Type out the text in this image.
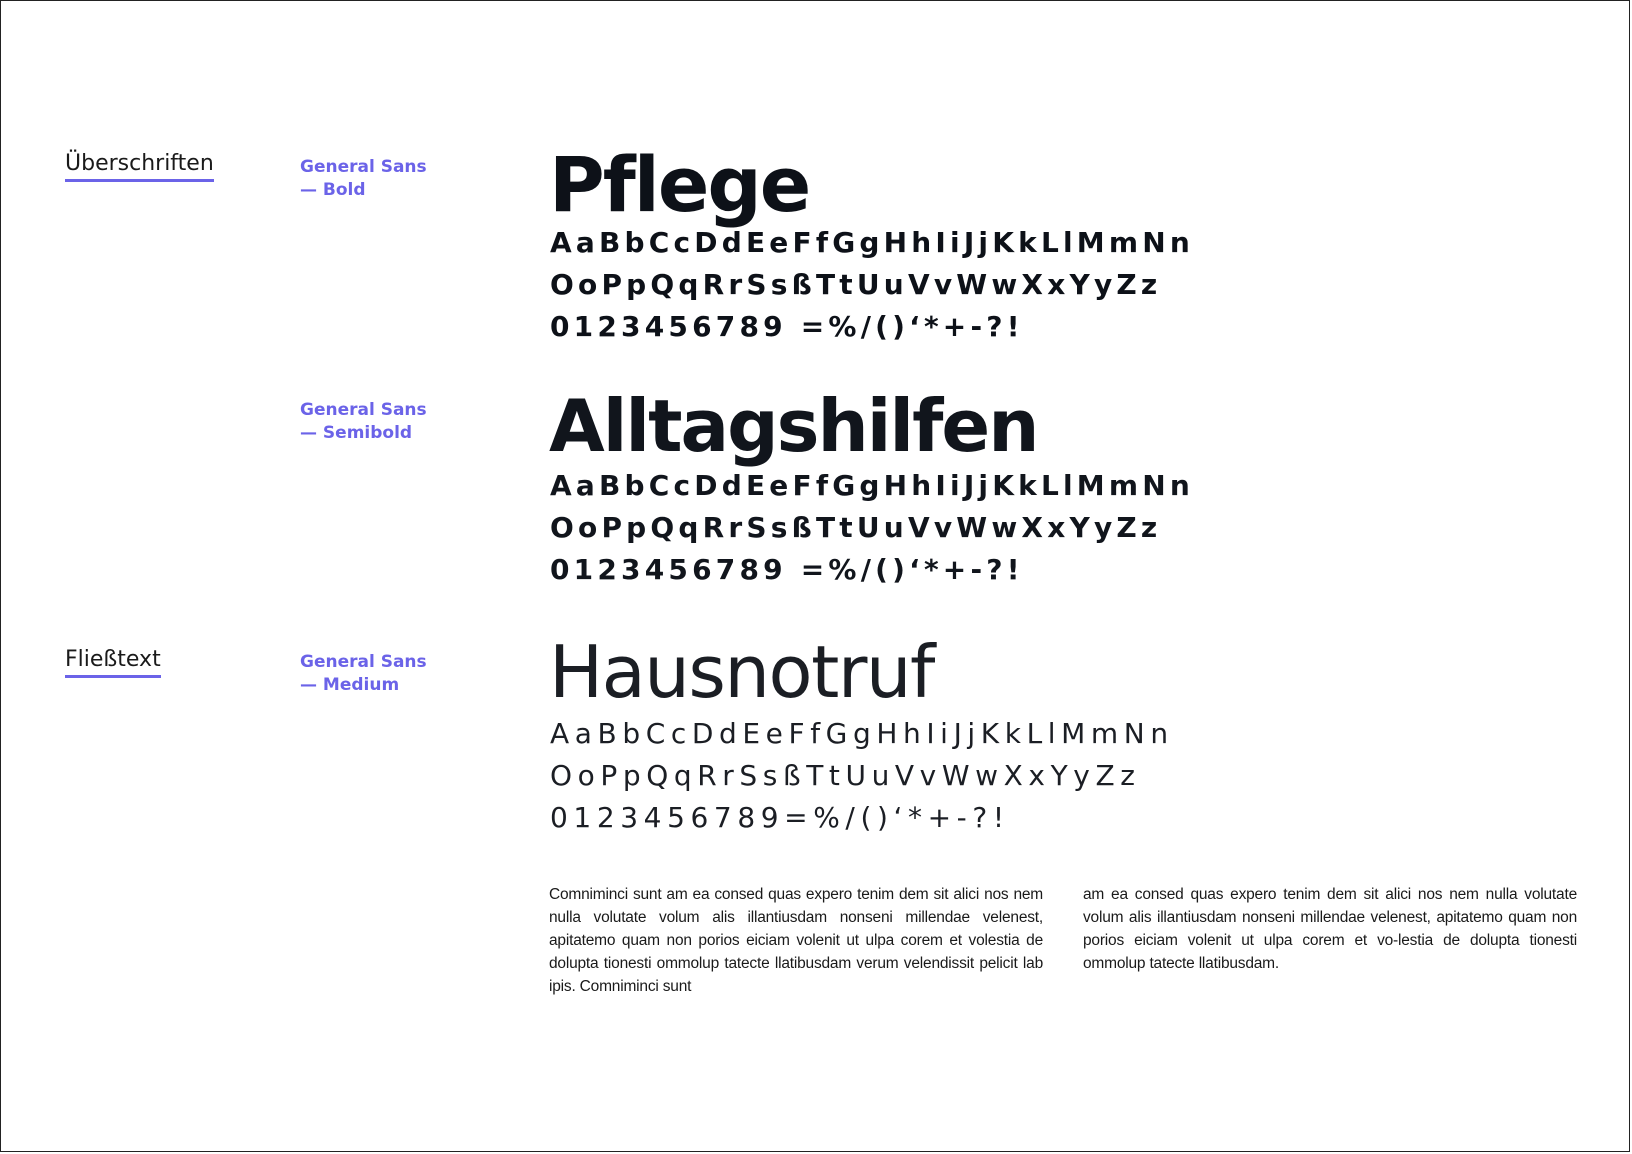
Überschriften
Fließtext
General Sans
— Bold	Pflege
AaBbCcDdEeFfGgHhIiJjKkLlMmNn
OoPpQqRrSsßTtUuVvWwXxYyZz
0123456789 =%/()‘*+-?!
General Sans
— Semibold Alltagshilfen
AaBbCcDdEeFfGgHhIiJjKkLlMmNn
OoPpQqRrSsßTtUuVvWwXxYyZz
0123456789 =%/()‘*+-?!
General Sans
— Medium	Hausnotruf
AaBbCcDdEeFfGgHhIiJjKkLlMmNn
OoPpQqRrSsßTtUuVvWwXxYyZz
0123456789=%/()‘*+-?!
Comniminci sunt am ea consed quas expero tenim dem sit alici nos nem nulla volutate volum alis illantiusdam nonseni millendae velenest, apitatemo quam non porios eiciam volenit ut ulpa corem et volestia de dolupta tionesti ommolup tatecte llatibusdam verum velendissit pelicit lab ipis. Comniminci sunt
am ea consed quas expero tenim dem sit alici nos nem nulla volutate volum alis illantiusdam nonseni millendae velenest, apitatemo quam non porios eiciam volenit ut ulpa corem et vo-lestia de dolupta tionesti ommolup tatecte llatibusdam.
